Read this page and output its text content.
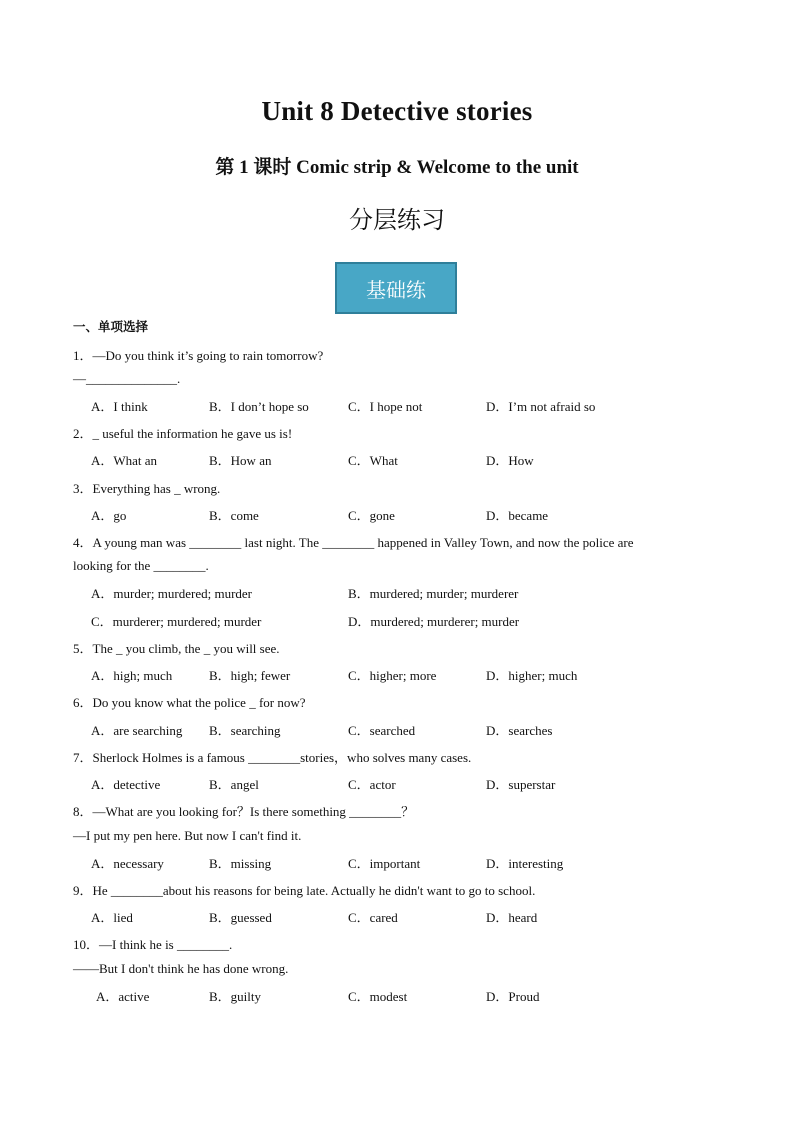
Unit 8 Detective stories
第 1 课时 Comic strip & Welcome to the unit
分层练习
基础练
一、单项选择
1．—Do you think it’s going to rain tomorrow?
—______________.
A．I think	B．I don’t hope so	C．I hope not	D．I’m not afraid so
2．_ useful the information he gave us is!
A．What an	B．How an	C．What	D．How
3．Everything has _ wrong.
A．go	B．come	C．gone	D．became
4．A young man was ________ last night. The ________ happened in Valley Town, and now the police are
looking for the ________.
A．murder; murdered; murder	B．murdered; murder; murderer
C．murderer; murdered; murder	D．murdered; murderer; murder
5．The _ you climb, the _ you will see.
A．high; much	B．high; fewer	C．higher; more	D．higher; much
6．Do you know what the police _ for now?
A．are searching B．searching	C．searched	D．searches
7．Sherlock Holmes is a famous ________stories，who solves many cases.
A．detective	B．angel	C．actor	D．superstar
8．—What are you looking for？Is there something ________？
—I put my pen here. But now I can't find it.
A．necessary	B．missing	C．important	D．interesting
9．He ________about his reasons for being late. Actually he didn't want to go to school.
A．lied	B．guessed	C．cared	D．heard
10．—I think he is ________.
——But I don't think he has done wrong.
A．active	B．guilty	C．modest	D．Proud
